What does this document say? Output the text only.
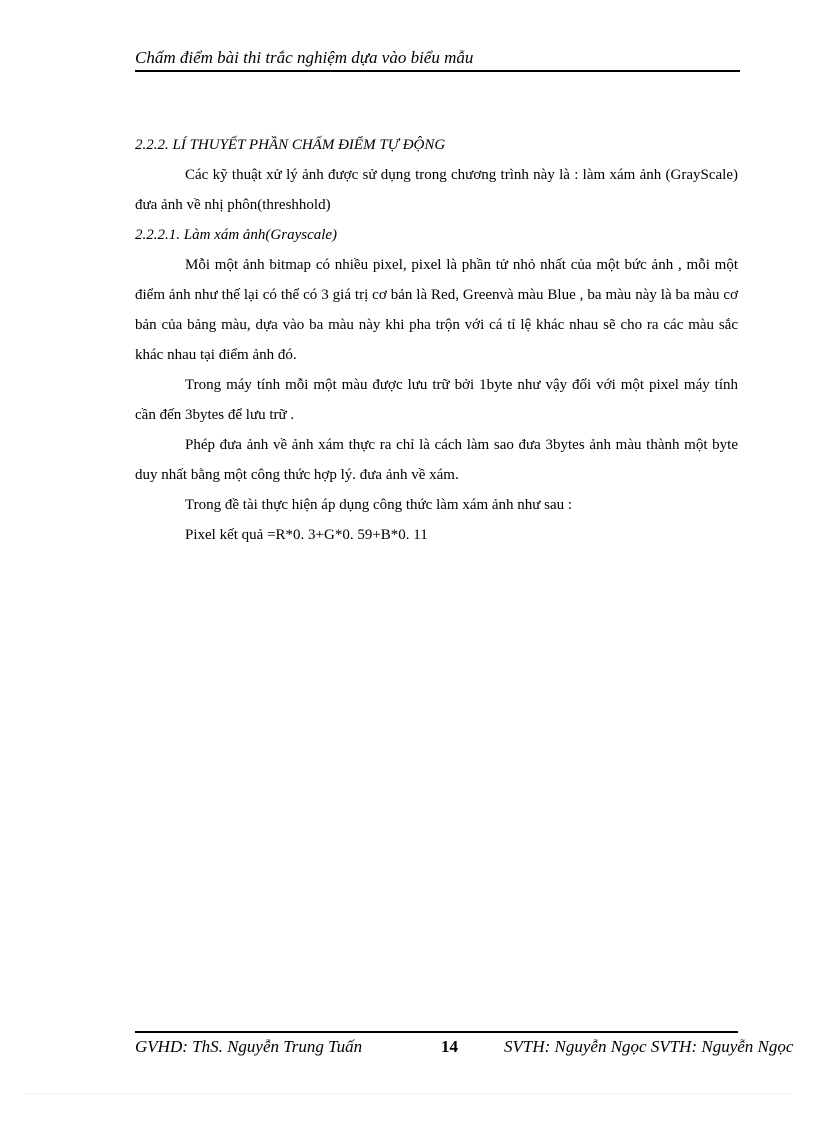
Chấm điểm bài thi trắc nghiệm dựa vào biểu mẫu
2.2.2. LÍ THUYẾT PHẦN CHẤM ĐIỂM TỰ ĐỘNG

Các kỹ thuật xử lý ảnh được sử dụng trong chương trình này là : làm xám ảnh (GrayScale) đưa ảnh về nhị phôn(threshhold)

2.2.2.1. Làm xám ảnh(Grayscale)

Mỗi một ảnh bitmap có nhiều pixel, pixel là phần tử nhỏ nhất của một bức ảnh , mỗi một điểm ảnh như thế lại có thể có 3 giá trị cơ bản là Red, Greenvà màu Blue , ba màu này là ba màu cơ bản của bảng màu, dựa vào ba màu này khi pha trộn với cá tỉ lệ khác nhau sẽ cho ra các màu sắc khác nhau tại điểm ảnh đó.

Trong máy tính mỗi một màu được lưu trữ bởi 1byte như vậy đối với một pixel máy tính cần đến 3bytes để lưu trữ .

Phép đưa ảnh về ảnh xám thực ra chỉ là cách làm sao đưa 3bytes ảnh màu thành một byte duy nhất bằng một công thức hợp lý. đưa ảnh về xám.

Trong đề tài thực hiện áp dụng công thức làm xám ảnh như sau :

Pixel kết quả =R*0. 3+G*0. 59+B*0. 11

GVHD: ThS. Nguyễn Trung Tuấn	14	SVTH: Nguyễn Ngọc SVTH: Nguyễn Ngọc
